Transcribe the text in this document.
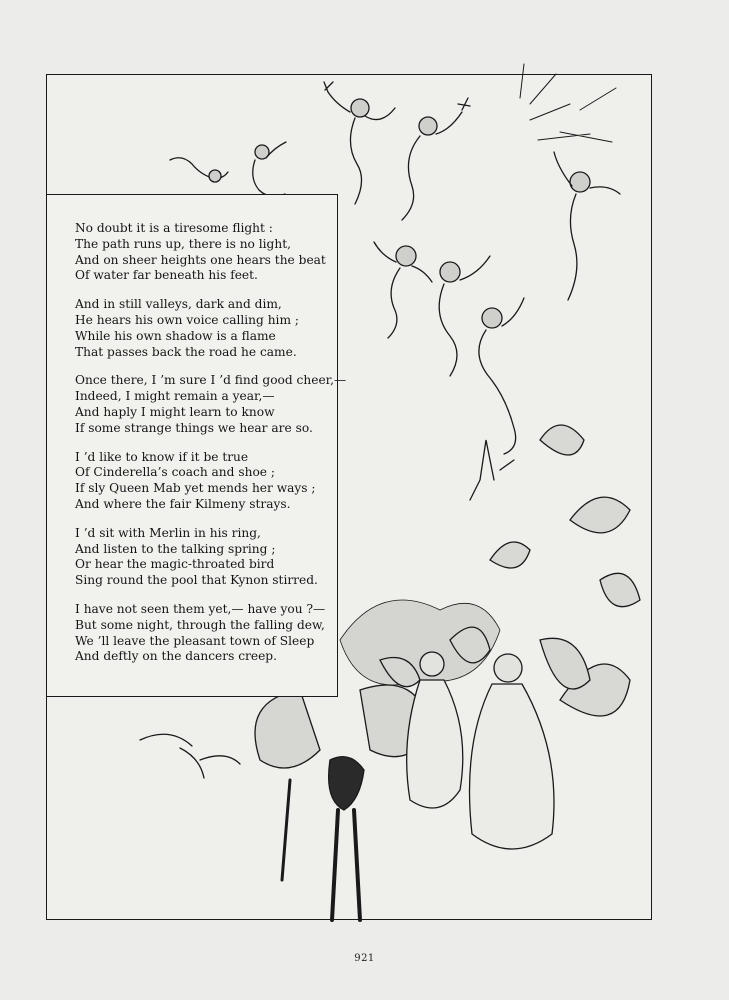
No doubt it is a tiresome flight :
The path runs up, there is no light,
And on sheer heights one hears the beat
Of water far beneath his feet.
And in still valleys, dark and dim,
He hears his own voice calling him ;
While his own shadow is a flame
That passes back the road he came.
Once there, I ’m sure I ’d find good cheer,—
Indeed, I might remain a year,—
And haply I might learn to know
If some strange things we hear are so.
I ’d like to know if it be true
Of Cinderella’s coach and shoe ;
If sly Queen Mab yet mends her ways ;
And where the fair Kilmeny strays.
I ’d sit with Merlin in his ring,
And listen to the talking spring ;
Or hear the magic-throated bird
Sing round the pool that Kynon stirred.
I have not seen them yet,— have you ?—
But some night, through the falling dew,
We ’ll leave the pleasant town of Sleep
And deftly on the dancers creep.
921
